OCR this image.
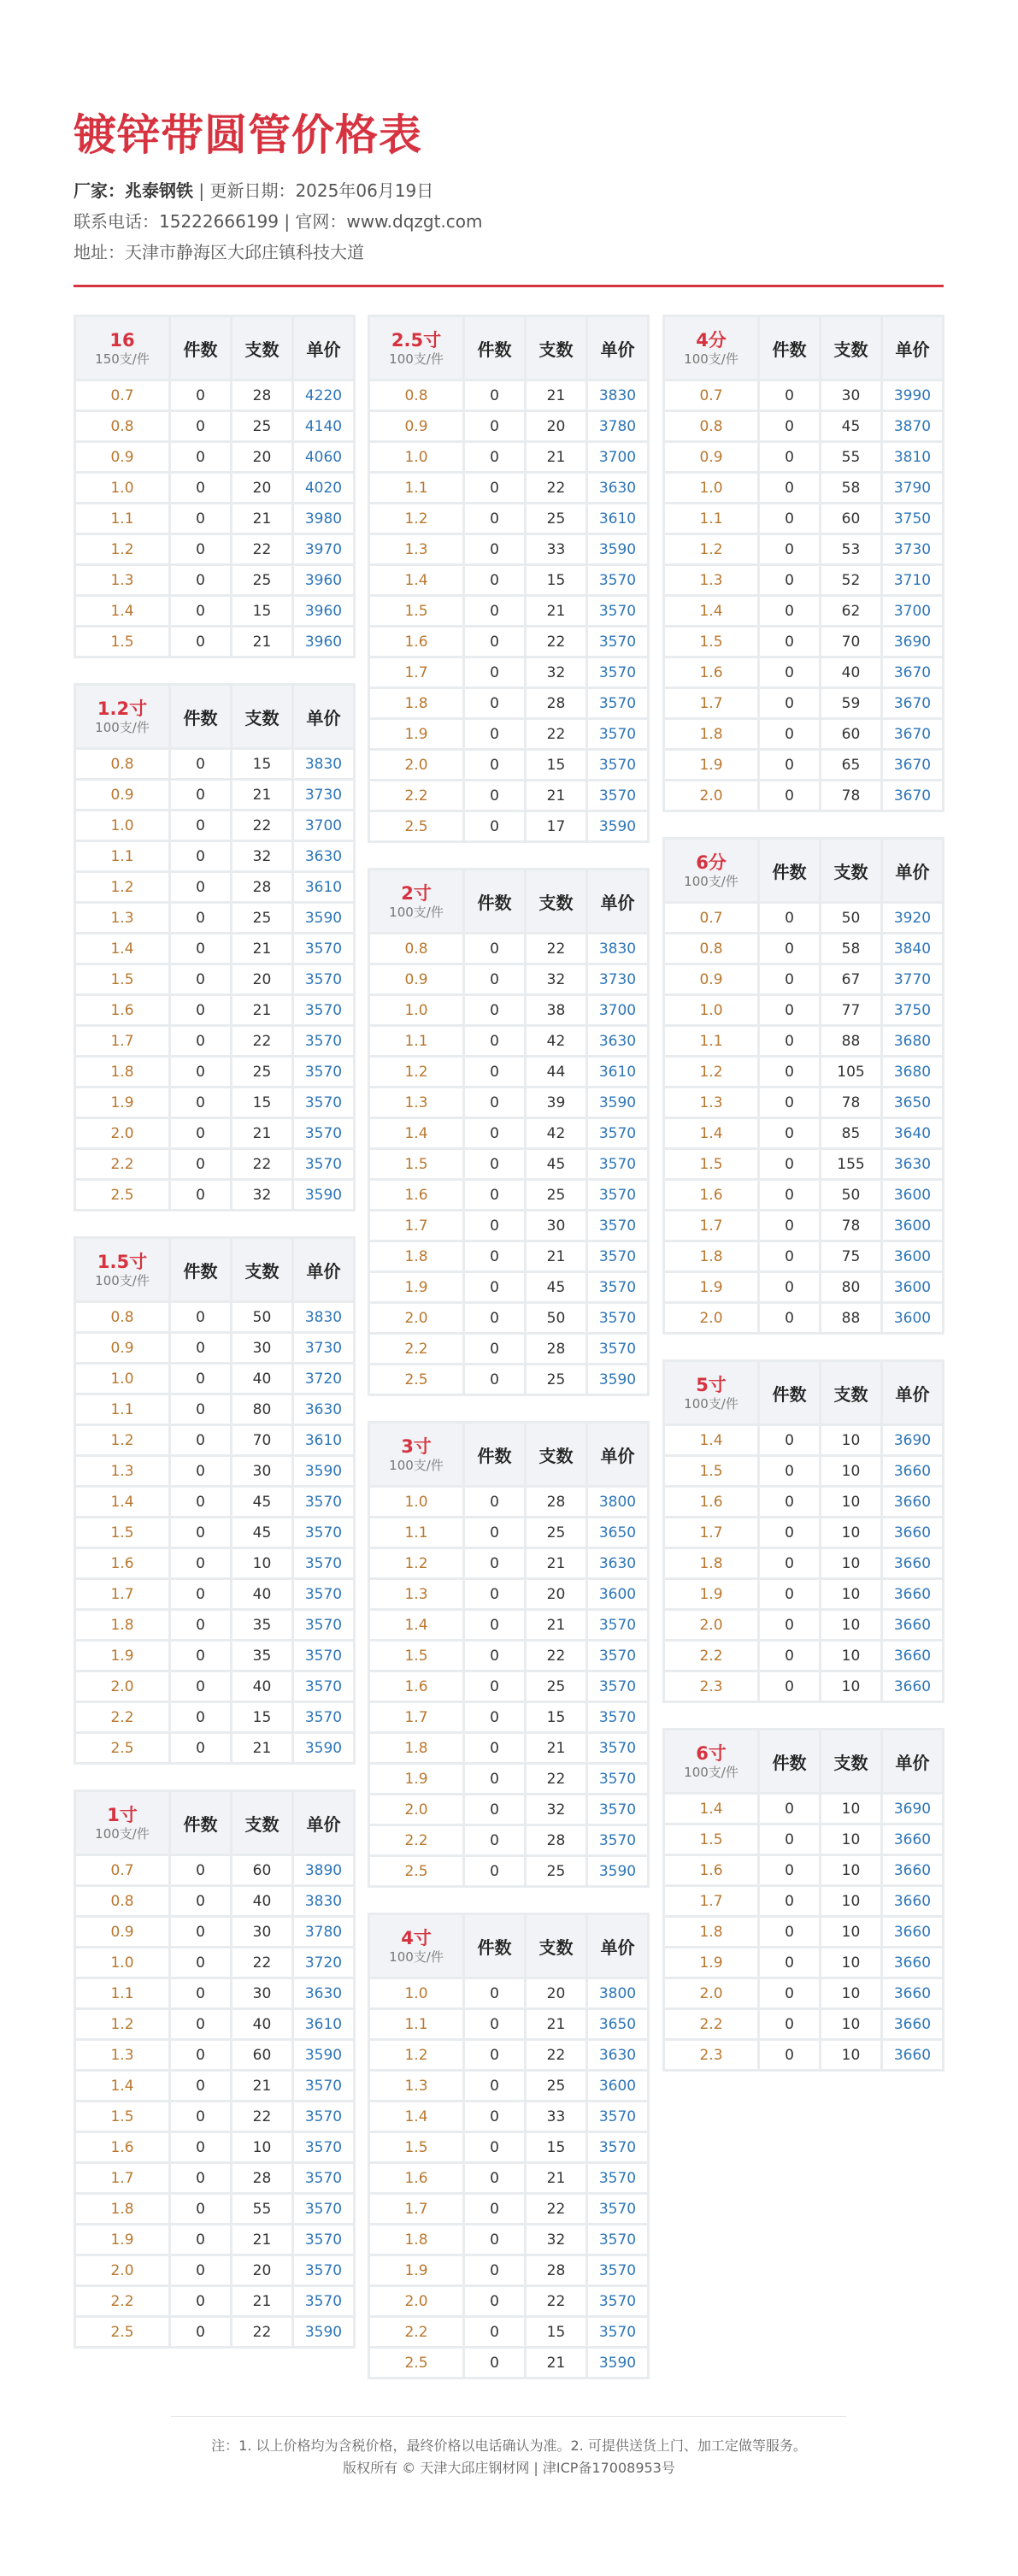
镀锌带圆管价格表
厂家：兆泰钢铁 | 更新日期：2025年06月19日
联系电话：15222666199 | 官网：www.dqzgt.com
地址：天津市静海区大邱庄镇科技大道
16
150支/件	件数	支数	单价
0.7	0	28	4220
0.8	0	25	4140
0.9	0	20	4060
1.0	0	20	4020
1.1	0	21	3980
1.2	0	22	3970
1.3	0	25	3960
1.4	0	15	3960
1.5	0	21	3960
1.2寸
100支/件	件数	支数	单价
0.8	0	15	3830
0.9	0	21	3730
1.0	0	22	3700
1.1	0	32	3630
1.2	0	28	3610
1.3	0	25	3590
1.4	0	21	3570
1.5	0	20	3570
1.6	0	21	3570
1.7	0	22	3570
1.8	0	25	3570
1.9	0	15	3570
2.0	0	21	3570
2.2	0	22	3570
2.5	0	32	3590
1.5寸
100支/件	件数	支数	单价
0.8	0	50	3830
0.9	0	30	3730
1.0	0	40	3720
1.1	0	80	3630
1.2	0	70	3610
1.3	0	30	3590
1.4	0	45	3570
1.5	0	45	3570
1.6	0	10	3570
1.7	0	40	3570
1.8	0	35	3570
1.9	0	35	3570
2.0	0	40	3570
2.2	0	15	3570
2.5	0	21	3590
1寸
100支/件	件数	支数	单价
0.7	0	60	3890
0.8	0	40	3830
0.9	0	30	3780
1.0	0	22	3720
1.1	0	30	3630
1.2	0	40	3610
1.3	0	60	3590
1.4	0	21	3570
1.5	0	22	3570
1.6	0	10	3570
1.7	0	28	3570
1.8	0	55	3570
1.9	0	21	3570
2.0	0	20	3570
2.2	0	21	3570
2.5	0	22	3590
2.5寸
100支/件	件数	支数	单价
0.8	0	21	3830
0.9	0	20	3780
1.0	0	21	3700
1.1	0	22	3630
1.2	0	25	3610
1.3	0	33	3590
1.4	0	15	3570
1.5	0	21	3570
1.6	0	22	3570
1.7	0	32	3570
1.8	0	28	3570
1.9	0	22	3570
2.0	0	15	3570
2.2	0	21	3570
2.5	0	17	3590
2寸
100支/件	件数	支数	单价
0.8	0	22	3830
0.9	0	32	3730
1.0	0	38	3700
1.1	0	42	3630
1.2	0	44	3610
1.3	0	39	3590
1.4	0	42	3570
1.5	0	45	3570
1.6	0	25	3570
1.7	0	30	3570
1.8	0	21	3570
1.9	0	45	3570
2.0	0	50	3570
2.2	0	28	3570
2.5	0	25	3590
3寸
100支/件	件数	支数	单价
1.0	0	28	3800
1.1	0	25	3650
1.2	0	21	3630
1.3	0	20	3600
1.4	0	21	3570
1.5	0	22	3570
1.6	0	25	3570
1.7	0	15	3570
1.8	0	21	3570
1.9	0	22	3570
2.0	0	32	3570
2.2	0	28	3570
2.5	0	25	3590
4寸
100支/件	件数	支数	单价
1.0	0	20	3800
1.1	0	21	3650
1.2	0	22	3630
1.3	0	25	3600
1.4	0	33	3570
1.5	0	15	3570
1.6	0	21	3570
1.7	0	22	3570
1.8	0	32	3570
1.9	0	28	3570
2.0	0	22	3570
2.2	0	15	3570
2.5	0	21	3590
4分
100支/件	件数	支数	单价
0.7	0	30	3990
0.8	0	45	3870
0.9	0	55	3810
1.0	0	58	3790
1.1	0	60	3750
1.2	0	53	3730
1.3	0	52	3710
1.4	0	62	3700
1.5	0	70	3690
1.6	0	40	3670
1.7	0	59	3670
1.8	0	60	3670
1.9	0	65	3670
2.0	0	78	3670
6分
100支/件	件数	支数	单价
0.7	0	50	3920
0.8	0	58	3840
0.9	0	67	3770
1.0	0	77	3750
1.1	0	88	3680
1.2	0	105	3680
1.3	0	78	3650
1.4	0	85	3640
1.5	0	155	3630
1.6	0	50	3600
1.7	0	78	3600
1.8	0	75	3600
1.9	0	80	3600
2.0	0	88	3600
5寸
100支/件	件数	支数	单价
1.4	0	10	3690
1.5	0	10	3660
1.6	0	10	3660
1.7	0	10	3660
1.8	0	10	3660
1.9	0	10	3660
2.0	0	10	3660
2.2	0	10	3660
2.3	0	10	3660
6寸
100支/件	件数	支数	单价
1.4	0	10	3690
1.5	0	10	3660
1.6	0	10	3660
1.7	0	10	3660
1.8	0	10	3660
1.9	0	10	3660
2.0	0	10	3660
2.2	0	10	3660
2.3	0	10	3660
注：1. 以上价格均为含税价格，最终价格以电话确认为准。2. 可提供送货上门、加工定做等服务。
版权所有 © 天津大邱庄钢材网 | 津ICP备17008953号
